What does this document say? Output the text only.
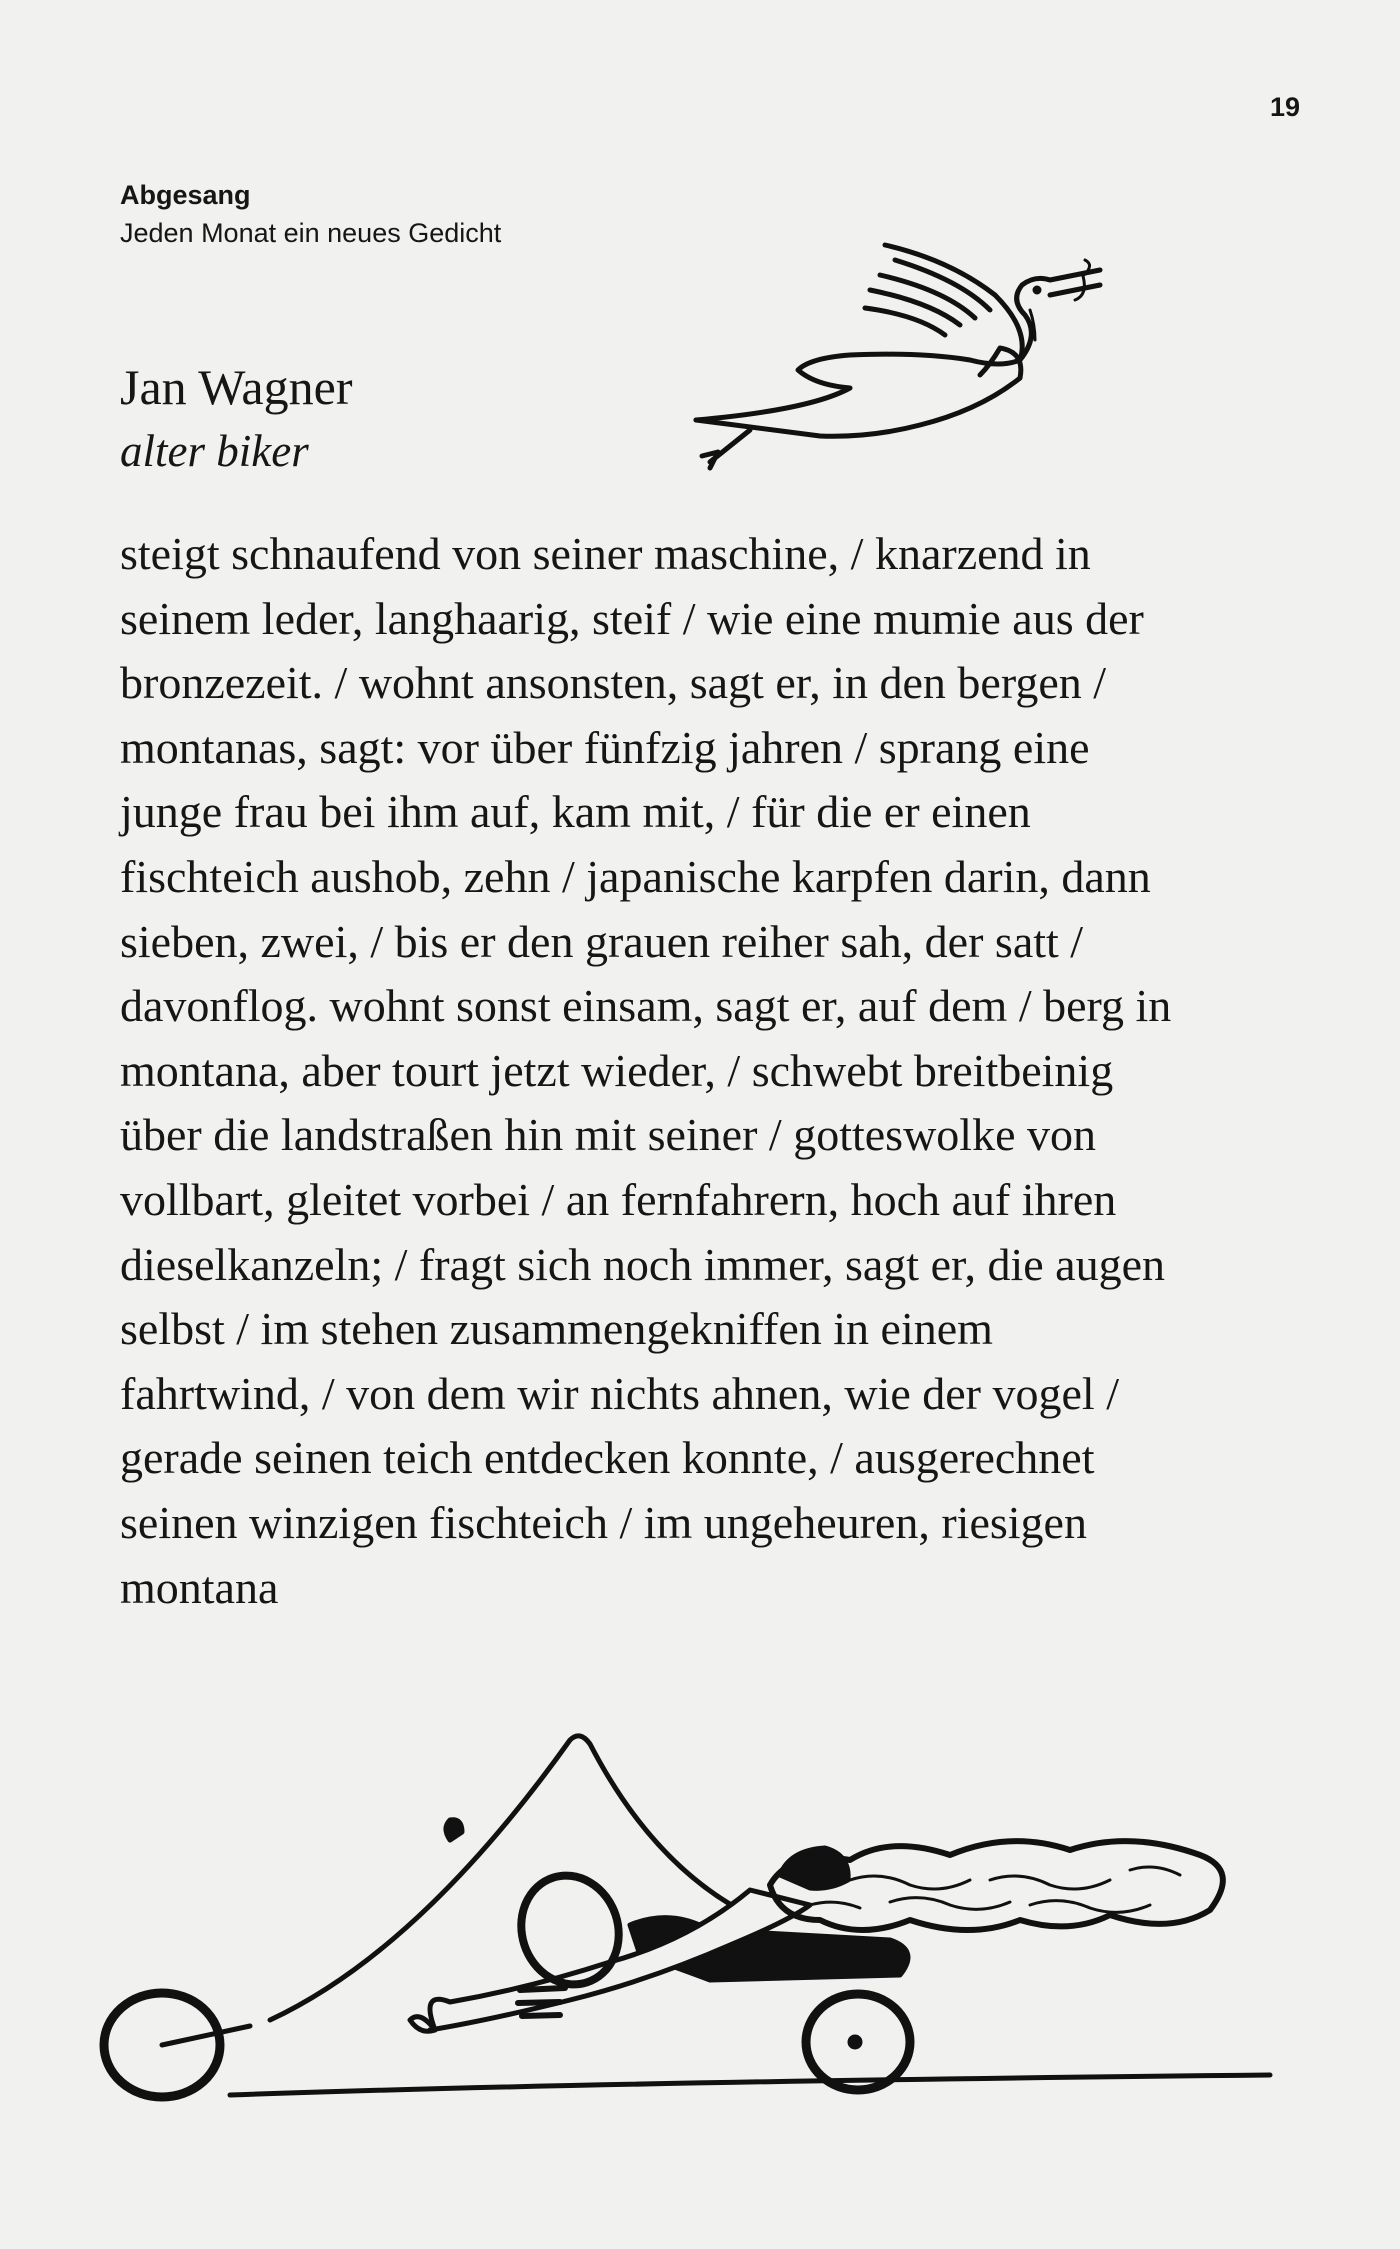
19
Abgesang
Jeden Monat ein neues Gedicht
Jan Wagner
alter biker
steigt schnaufend von seiner maschine, / knarzend in
seinem leder, langhaarig, steif / wie eine mumie aus der
bronzezeit. / wohnt ansonsten, sagt er, in den bergen /
montanas, sagt: vor über fünfzig jahren / sprang eine
junge frau bei ihm auf, kam mit, / für die er einen
fischteich aushob, zehn / japanische karpfen darin, dann
sieben, zwei, / bis er den grauen reiher sah, der satt /
davonflog. wohnt sonst einsam, sagt er, auf dem / berg in
montana, aber tourt jetzt wieder, / schwebt breitbeinig
über die landstraßen hin mit seiner / gotteswolke von
vollbart, gleitet vorbei / an fernfahrern, hoch auf ihren
dieselkanzeln; / fragt sich noch immer, sagt er, die augen
selbst / im stehen zusammengekniffen in einem
fahrtwind, / von dem wir nichts ahnen, wie der vogel /
gerade seinen teich entdecken konnte, / ausgerechnet
seinen winzigen fischteich / im ungeheuren, riesigen
montana
